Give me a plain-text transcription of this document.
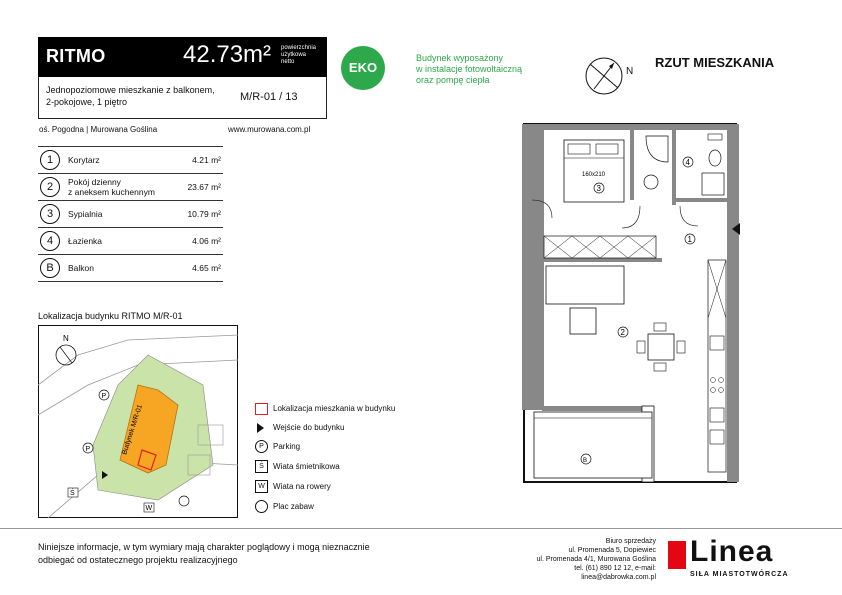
RITMO	42.73m² powierzchnia
użytkowa
netto
Jednopoziomowe mieszkanie z balkonem,
2-pokojowe, 1 piętro	M/R-01 / 13
oś. Pogodna | Murowana Goślina	www.murowana.com.pl
1	Korytarz	4.21 m²
2	Pokój dzienny
z aneksem kuchennym	23.67 m²
3	Sypialnia	10.79 m²
4	Łazienka	4.06 m²
B	Balkon	4.65 m²
EKO
Budynek wyposażony
w instalacje fotowoltaiczną
oraz pompę ciepła
N
RZUT MIESZKANIA
160x210
3
4
1
2
B
Lokalizacja budynku RITMO M/R-01
Budynek M/R-01
N
P
P
Ś
W
Lokalizacja mieszkania w budynku
Wejście do budynku
P	Parking
Ś	Wiata śmietnikowa
W	Wiata na rowery
Plac zabaw
Niniejsze informacje, w tym wymiary mają charakter poglądowy i mogą nieznacznie
odbiegać od ostatecznego projektu realizacyjnego
Biuro sprzedaży
ul. Promenada 5, Dopiewiec
ul. Promenada 4/1, Murowana Goślina
tel. (61) 890 12 12, e-mail: linea@dabrowka.com.pl
Linea
SIŁA MIASTOTWÓRCZA
